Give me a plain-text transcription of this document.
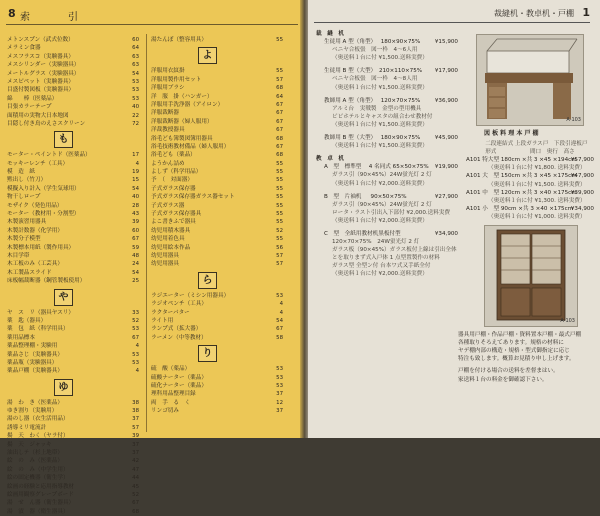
8 索　引
メトンスプン（武式位数）	60
メラミン食器	64
メスフラスコ（実験器具）	63
メスシリンダー（実験器具）	63
メートルグラス（実験器具）	54
メスピペット（実験器具）	53
目盛付製図板（実験器具）	53
綿　　棒（医薬品）	53
目張カラーテープ	40
面積用の実物大日本地図	22
目隠し付き鳥のえさスクリーン	72
も
モーター・ペイントド（医薬品）	17
モッキーレンチ（工具）	4
模　造　紙	19
黙出し（竹刀）	15
模擬入り計入（学生気球用）	54
物干しロープ	40
モザイク（発色用品）	28
モーター（教材用・分割型）	43
木製演習用器具	39
木製計数器（化学用）	60
木製分子模型	67
木製標本用紙（製作用具）	59
木目学帯	48
木工板のみ（工芸具）	24
木工製品スライド	54
床板幅裁断器（鋼管製板使用）	25
や
ヤ　ス　リ（器具ヤスリ）	33
薬　匙（器具）	52
薬　包　紙（科学用具）	53
薬用品標本	67
薬品整理棚・実験用	4
薬品さじ（実験器具）	53
薬品瓶（実験器具）	53
薬品戸棚（実験器具）	4
ゆ
湯　わ　き（医薬品）	38
ゆき割り（実験用）	38
湯のし器（衣生活用品）	37
誘導ミリ電流計	57
揚　天　わく（ヤラ付）	39
揚　天　ジャッキ	37
油出しテ（杉上地帯）	37
絵　の　み（医薬品）	42
絵　の　み（中学生用）	47
絵の固定機器（衛生学）	44
絵画の経験と応用指導教材	45
絵画用観察グレープボード	52
湯　せ　ん器（衛生器具）	67
湯　漬　器（衛生器具）	68
湯たんぽ（整容用具）	55
よ
洋服用衣紋掛	55
洋服用製作用セット	57
洋服用ブラシ	68
洋　服　掛（ハンガー）	64
洋服用手洗浄器（アイロン）	67
洋服裁断器	67
洋服裁断器（婦人服用）	67
洋裁教授器具	67
浴毛ども簿製図簿用器具	68
浴毛技術教材備品（婦人服用）	67
浴毛ども（薬品）	68
ようかん詰め	55
よしず（科学用品）	55
予　（　対面器）	55
子式ガラス保存器	55
予式ガラス保存器ガラス器セット	55
子式ガラス器	55
子式ガラス保存器具	55
よこ書きふで器具	55
幼児用積木器具	52
幼児用着色具	55
幼児用絵本作品	56
幼児用器具	57
幼児用器具	57
ら
ラジエーター（ミシン用器具）	53
ラジオペンチ（工具）	4
ラクターパター	4
ライト用	54
ランプ式（拡大器）	67
ラーメン（中等教材）	58
り
硫　酸（薬品）	53
硫酸ナーター（薬品）	53
硫化ナーター（薬品）	53
理科用品整理目録	37
両　手　る　く	12
リンゴ切み	37
裁縫机・教卓机・戸棚 1
裁　縫　机
生徒用 A 型（角型）　 180×90×75%	¥15,900
ベニヤ合板張　図一枠　4〜6人用
（奥送料１台に付 ¥1,500.送料実費）
生徒用 B 型（大型）　210×110×75% ¥17,900
ベニヤ合板張　図一枠　4〜8人用
（奥送料１台に付 ¥1,500.送料実費）
教師用 A 型（角型）　 120×70×75%	¥36,900
アルミ台　実戦製　金型の型用機具
ビビホテルとキャスタの組合わせ教材付
（奥送料１台に付 ¥1,500.送料実費）
教師用 B 型（大型）　 180×90×75%	¥45,900
（奥送料１台に付 ¥1,500.送料実費）
教　卓　机
A　型　標準型　 4 名同式 65×50×75% ¥19,900
ガラス引（90×45%）24W蛍光灯 2 灯
（奥送料１台に付 ¥2,000.送料実費）
B　型　片袖机 　 90×50×75%	¥27,900
ガラス引（90×45%）24W蛍光灯 2 灯
ロータ・ラスト引出入下部付 ¥2,000.送料実費
（奥送料１台に付 ¥2,000.送料実費）
C　型　全紙用教材机黒板付型	¥34,900
120×70×75%　24W蛍光灯 2 灯
ガラス板（90×45%）ガラス板付上線は引出全体
とを取りまず式入戸体 1 点型置製作の材料
ガラス型 全型ン付 台本ワ式又手紙全付
（奥送料１台に付 ¥2,000.送料実費）
A-103
図 板 料 理 本 戸 棚
　　二段連結式 上段ガラス戸　下段引違板戸
　　形式　　　　　　間口　奥行　高さ
A101 特大型 180cm ×共 3 ×45 ×194cm
¥57,900
　　　（奥送料１台に付 ¥1,800. 送料実費）
A101 大　型 150cm ×共 3 ×45 ×175cm
¥47,900
　　　（奥送料１台に付 ¥1,500. 送料実費）
A101 中　型 120cm ×共 3 ×40 ×175cm
¥39,900
　　　（奥送料１台に付 ¥1,300. 送料実費）
A101 小　型 90cm ×共 3 ×40 ×175cm
¥34,900
　　　（奥送料１台に付 ¥1,000. 送料実費）
A-103
器具用戸棚・作品戸棚・資料置本戸棚・最式戸棚
各種取りそろえてあります。規格の材料に
ヤデ棚内部の構造・規格・型式御指定に応じ
特注も致します。概算お見積り申し上げます。
戸棚を付ける場合の送料を差督まはい。
家送料１台の料金を御確認下さい。
